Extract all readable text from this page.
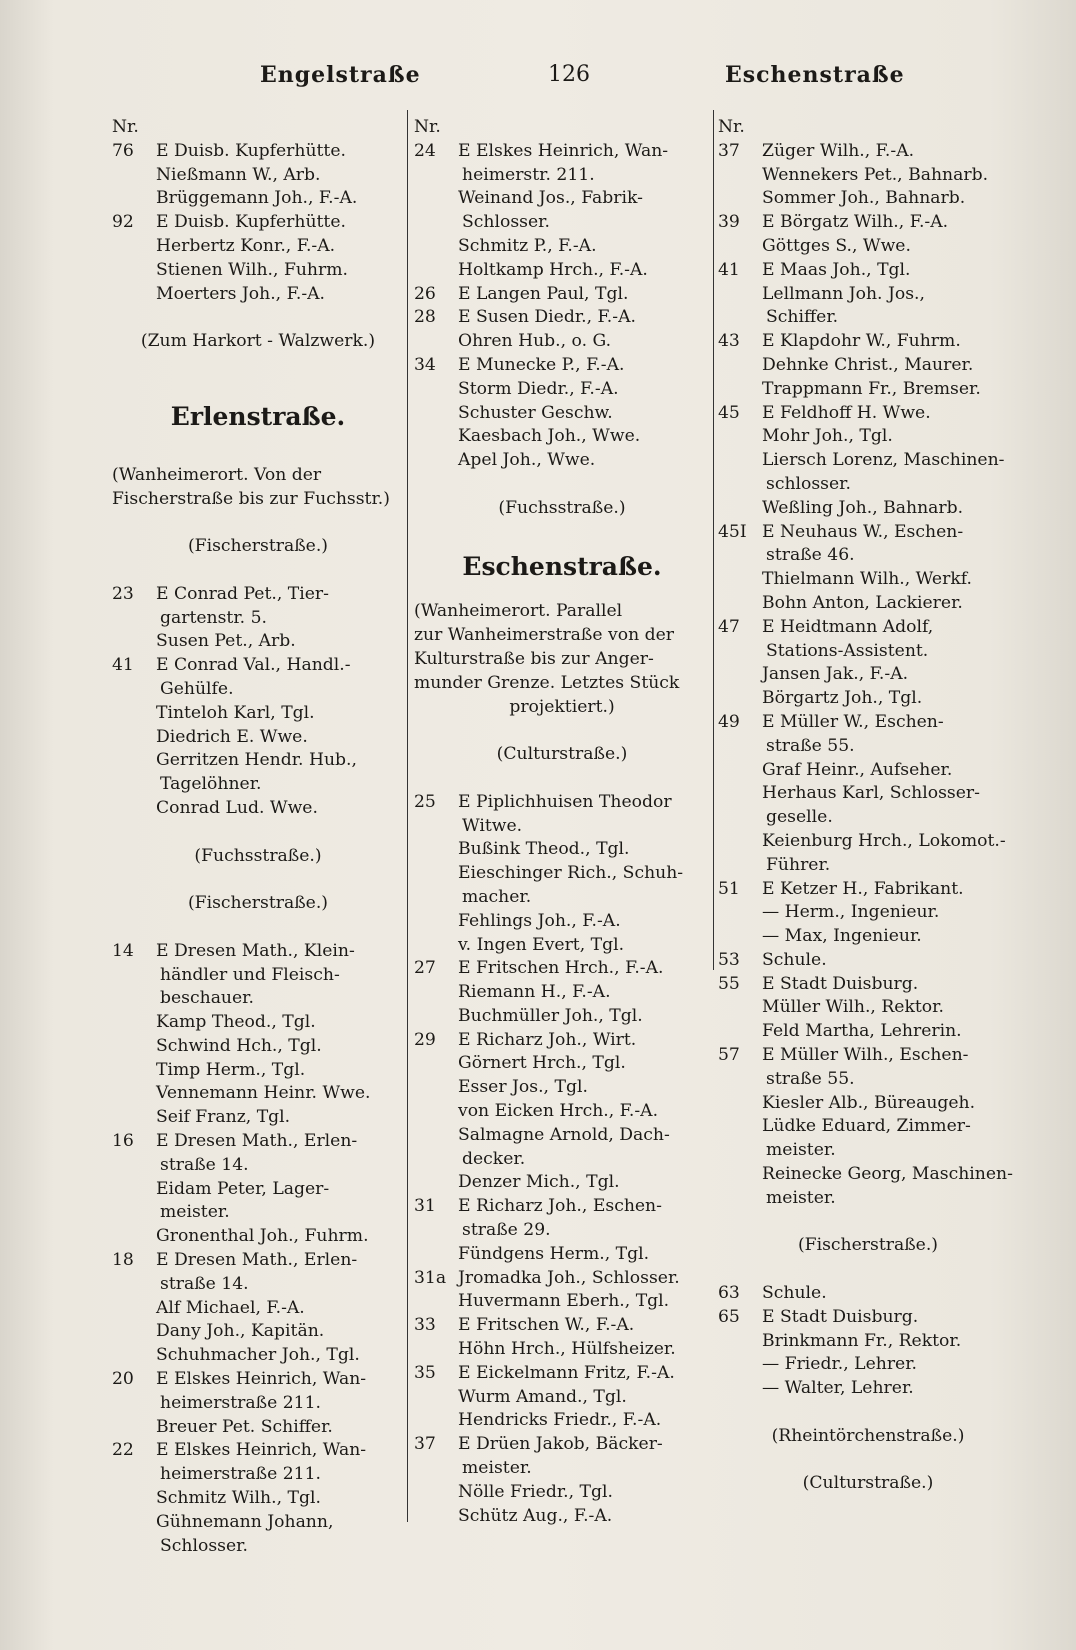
Engelstraße	126	Eschenstraße
Nr.
76 E Duisb. Kupferhütte.
Nießmann W., Arb.
Brüggemann Joh., F.-A.
92 E Duisb. Kupferhütte.
Herbertz Konr., F.-A.
Stienen Wilh., Fuhrm.
Moerters Joh., F.-A.
(Zum Harkort - Walzwerk.)
Erlenstraße.
(Wanheimerort. Von der
Fischerstraße bis zur Fuchsstr.)
(Fischerstraße.)
23 E Conrad Pet., Tier-
gartenstr. 5.
Susen Pet., Arb.
41 E Conrad Val., Handl.-
Gehülfe.
Tinteloh Karl, Tgl.
Diedrich E. Wwe.
Gerritzen Hendr. Hub.,
Tagelöhner.
Conrad Lud. Wwe.
(Fuchsstraße.)
(Fischerstraße.)
14 E Dresen Math., Klein-
händler und Fleisch-
beschauer.
Kamp Theod., Tgl.
Schwind Hch., Tgl.
Timp Herm., Tgl.
Vennemann Heinr. Wwe.
Seif Franz, Tgl.
16 E Dresen Math., Erlen-
straße 14.
Eidam Peter, Lager-
meister.
Gronenthal Joh., Fuhrm.
18 E Dresen Math., Erlen-
straße 14.
Alf Michael, F.-A.
Dany Joh., Kapitän.
Schuhmacher Joh., Tgl.
20 E Elskes Heinrich, Wan-
heimerstraße 211.
Breuer Pet. Schiffer.
22 E Elskes Heinrich, Wan-
heimerstraße 211.
Schmitz Wilh., Tgl.
Gühnemann Johann,
Schlosser.
Nr.
24 E Elskes Heinrich, Wan-
heimerstr. 211.
Weinand Jos., Fabrik-
Schlosser.
Schmitz P., F.-A.
Holtkamp Hrch., F.-A.
26 E Langen Paul, Tgl.
28 E Susen Diedr., F.-A.
Ohren Hub., o. G.
34 E Munecke P., F.-A.
Storm Diedr., F.-A.
Schuster Geschw.
Kaesbach Joh., Wwe.
Apel Joh., Wwe.
(Fuchsstraße.)
Eschenstraße.
(Wanheimerort. Parallel
zur Wanheimerstraße von der
Kulturstraße bis zur Anger-
munder Grenze. Letztes Stück
projektiert.)
(Culturstraße.)
25 E Piplichhuisen Theodor
Witwe.
Bußink Theod., Tgl.
Eieschinger Rich., Schuh-
macher.
Fehlings Joh., F.-A.
v. Ingen Evert, Tgl.
27 E Fritschen Hrch., F.-A.
Riemann H., F.-A.
Buchmüller Joh., Tgl.
29 E Richarz Joh., Wirt.
Görnert Hrch., Tgl.
Esser Jos., Tgl.
von Eicken Hrch., F.-A.
Salmagne Arnold, Dach-
decker.
Denzer Mich., Tgl.
31 E Richarz Joh., Eschen-
straße 29.
Fündgens Herm., Tgl.
31a Jromadka Joh., Schlosser.
Huvermann Eberh., Tgl.
33 E Fritschen W., F.-A.
Höhn Hrch., Hülfsheizer.
35 E Eickelmann Fritz, F.-A.
Wurm Amand., Tgl.
Hendricks Friedr., F.-A.
37 E Drüen Jakob, Bäcker-
meister.
Nölle Friedr., Tgl.
Schütz Aug., F.-A.
Nr.
37 Züger Wilh., F.-A.
Wennekers Pet., Bahnarb.
Sommer Joh., Bahnarb.
39 E Börgatz Wilh., F.-A.
Göttges S., Wwe.
41 E Maas Joh., Tgl.
Lellmann Joh. Jos.,
Schiffer.
43 E Klapdohr W., Fuhrm.
Dehnke Christ., Maurer.
Trappmann Fr., Bremser.
45 E Feldhoff H. Wwe.
Mohr Joh., Tgl.
Liersch Lorenz, Maschinen-
schlosser.
Weßling Joh., Bahnarb.
45I E Neuhaus W., Eschen-
straße 46.
Thielmann Wilh., Werkf.
Bohn Anton, Lackierer.
47 E Heidtmann Adolf,
Stations-Assistent.
Jansen Jak., F.-A.
Börgartz Joh., Tgl.
49 E Müller W., Eschen-
straße 55.
Graf Heinr., Aufseher.
Herhaus Karl, Schlosser-
geselle.
Keienburg Hrch., Lokomot.-
Führer.
51 E Ketzer H., Fabrikant.
— Herm., Ingenieur.
— Max, Ingenieur.
53 Schule.
55 E Stadt Duisburg.
Müller Wilh., Rektor.
Feld Martha, Lehrerin.
57 E Müller Wilh., Eschen-
straße 55.
Kiesler Alb., Büreaugeh.
Lüdke Eduard, Zimmer-
meister.
Reinecke Georg, Maschinen-
meister.
(Fischerstraße.)
63 Schule.
65 E Stadt Duisburg.
Brinkmann Fr., Rektor.
— Friedr., Lehrer.
— Walter, Lehrer.
(Rheintörchenstraße.)
(Culturstraße.)
